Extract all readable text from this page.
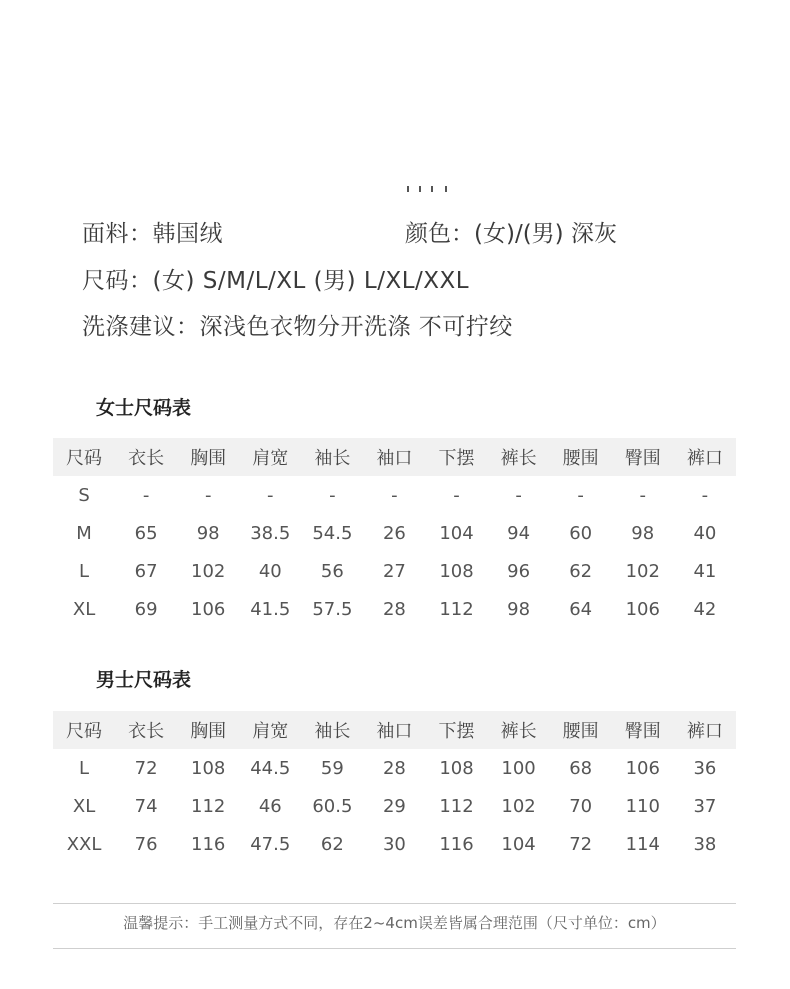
面料：韩国绒	颜色：(女)/(男) 深灰
尺码：(女) S/M/L/XL (男) L/XL/XXL
洗涤建议：深浅色衣物分开洗涤 不可拧绞
女士尺码表
尺码	衣长	胸围	肩宽	袖长	袖口	下摆	裤长	腰围	臀围	裤口
S	-	-	-	-	-	-	-	-	-	-
M	65	98	38.5	54.5	26	104	94	60	98	40
L	67	102	40	56	27	108	96	62	102	41
XL	69	106	41.5	57.5	28	112	98	64	106	42
男士尺码表
尺码	衣长	胸围	肩宽	袖长	袖口	下摆	裤长	腰围	臀围	裤口
L	72	108	44.5	59	28	108	100	68	106	36
XL	74	112	46	60.5	29	112	102	70	110	37
XXL	76	116	47.5	62	30	116	104	72	114	38
温馨提示：手工测量方式不同，存在2~4cm误差皆属合理范围（尺寸单位：cm）
